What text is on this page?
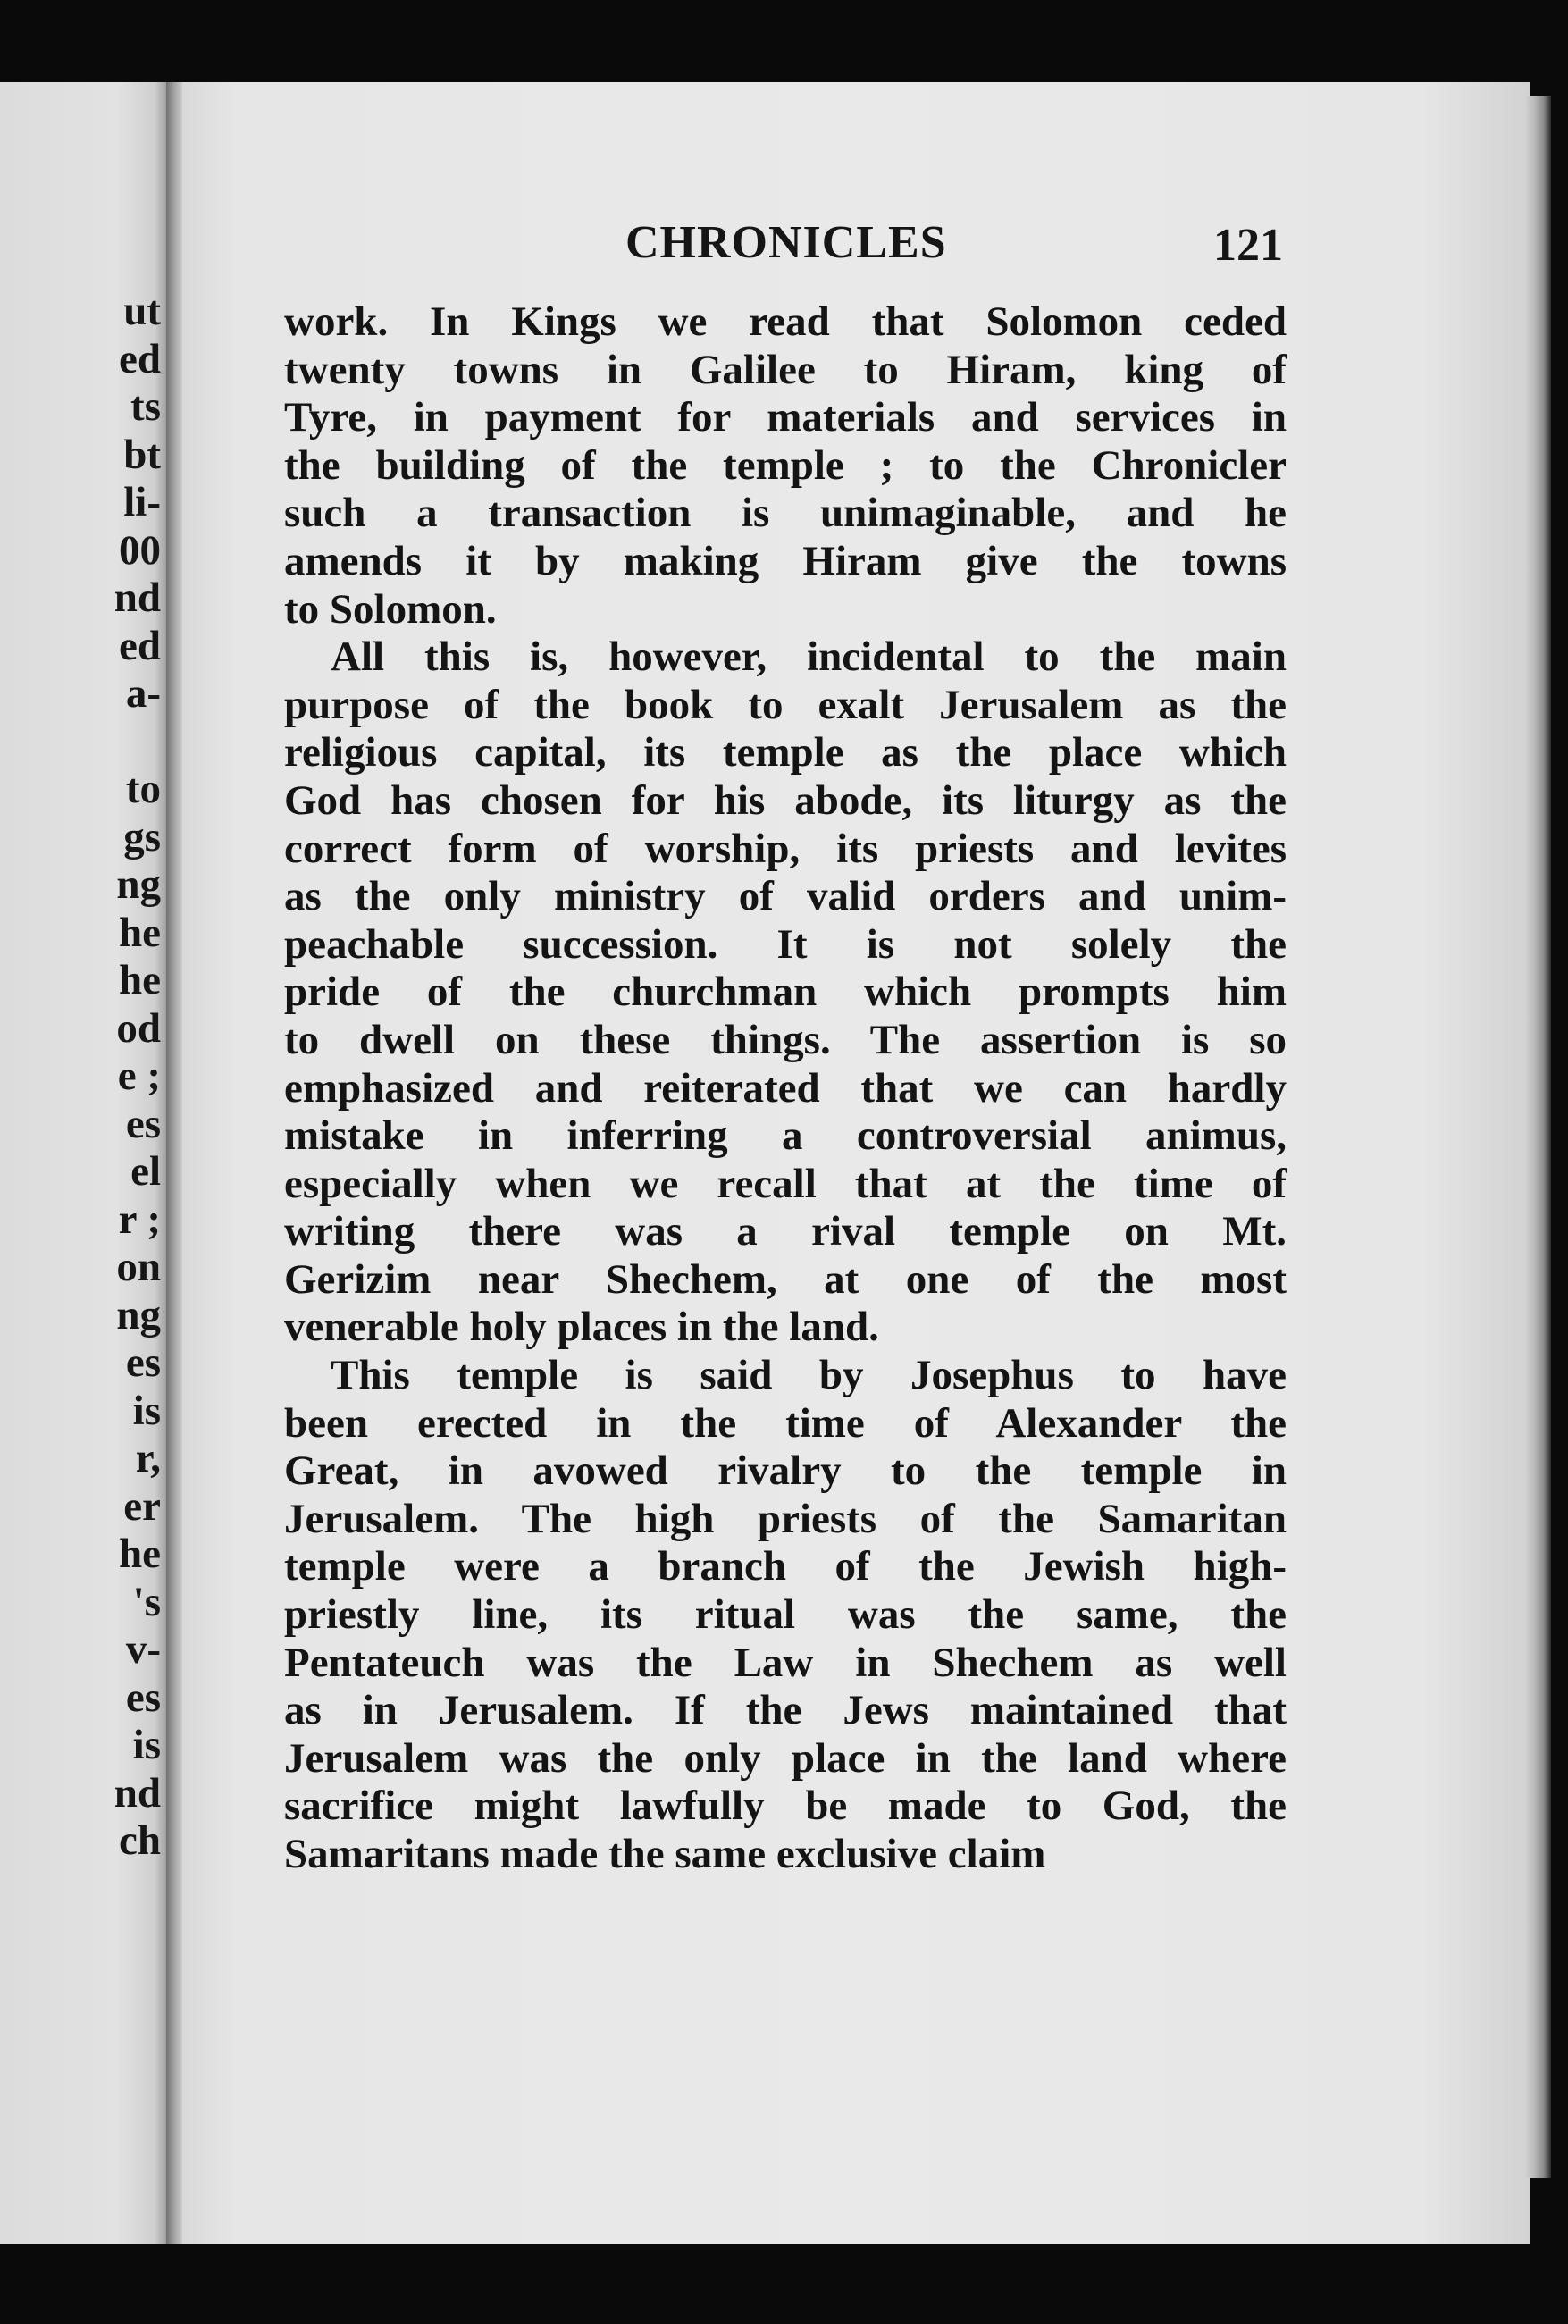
ut
ed
ts
bt
li-
00
nd
ed
a-
to
gs
ng
he
he
od
e ;
es
el
r ;
on
ng
es
is
r,
er
he
's
v-
es
is
nd
ch
CHRONICLES	121
work. In Kings we read that Solomon ceded
twenty towns in Galilee to Hiram, king of
Tyre, in payment for materials and services in
the building of the temple ; to the Chronicler
such a transaction is unimaginable, and he
amends it by making Hiram give the towns
to Solomon.
All this is, however, incidental to the main
purpose of the book to exalt Jerusalem as the
religious capital, its temple as the place which
God has chosen for his abode, its liturgy as the
correct form of worship, its priests and levites
as the only ministry of valid orders and unim-
peachable succession. It is not solely the
pride of the churchman which prompts him
to dwell on these things. The assertion is so
emphasized and reiterated that we can hardly
mistake in inferring a controversial animus,
especially when we recall that at the time of
writing there was a rival temple on Mt.
Gerizim near Shechem, at one of the most
venerable holy places in the land.
This temple is said by Josephus to have
been erected in the time of Alexander the
Great, in avowed rivalry to the temple in
Jerusalem. The high priests of the Samaritan
temple were a branch of the Jewish high-
priestly line, its ritual was the same, the
Pentateuch was the Law in Shechem as well
as in Jerusalem. If the Jews maintained that
Jerusalem was the only place in the land where
sacrifice might lawfully be made to God, the
Samaritans made the same exclusive claim
